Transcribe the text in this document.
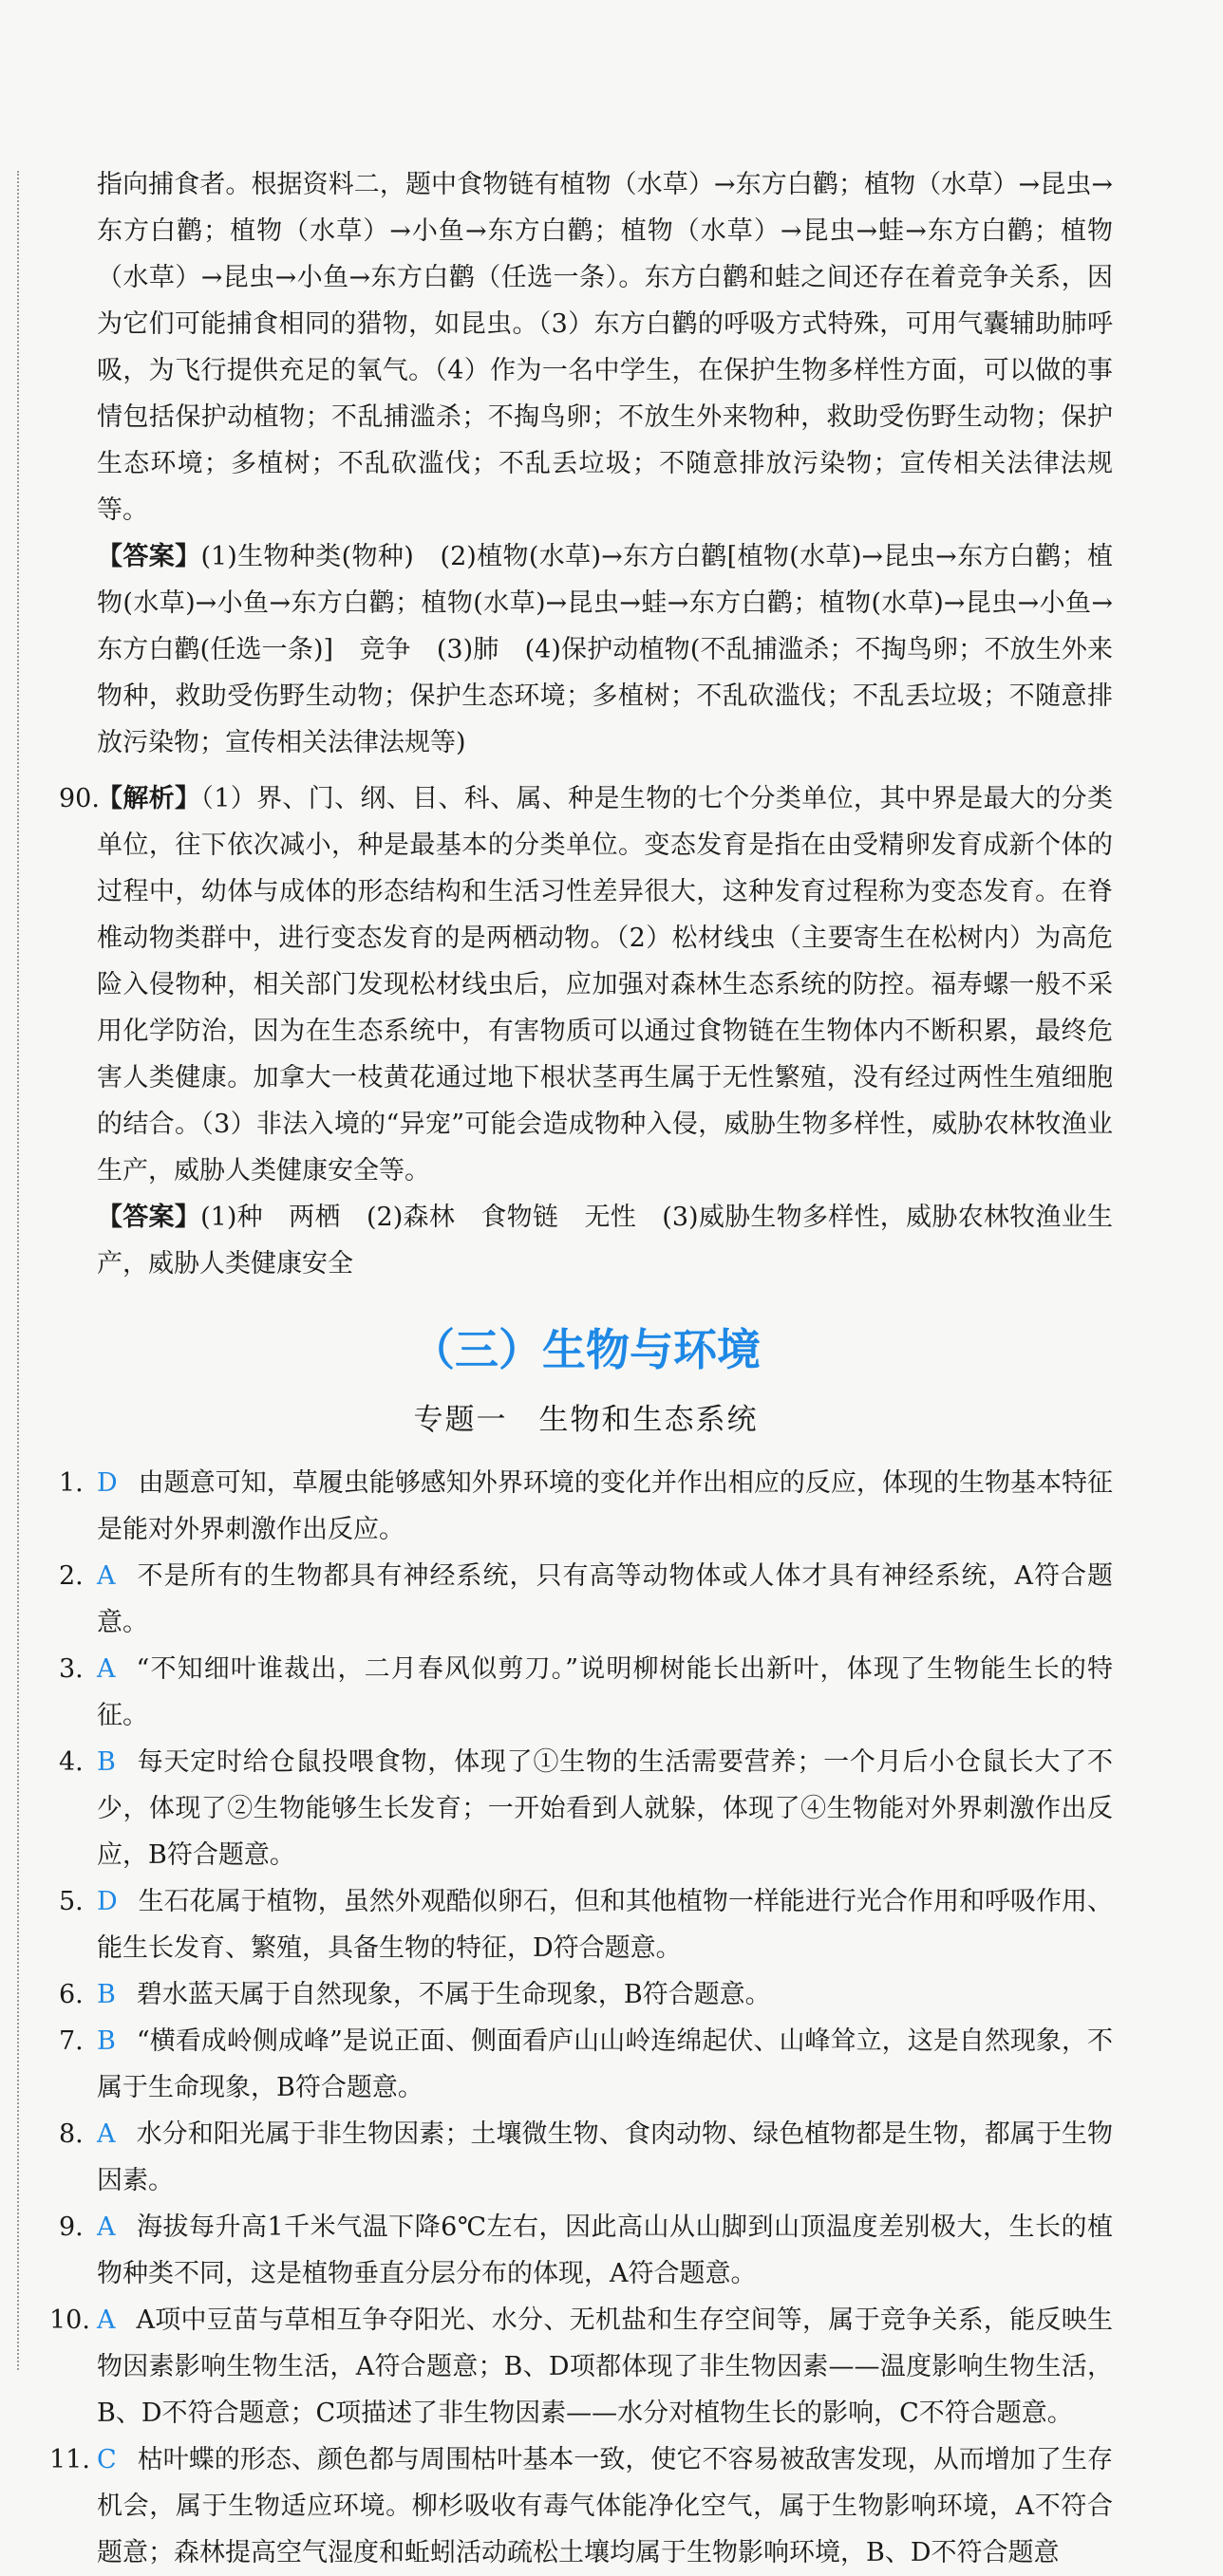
指向捕食者。根据资料二，题中食物链有植物（水草）→东方白鹳；植物（水草）→昆虫→东方白鹳；植物（水草）→小鱼→东方白鹳；植物（水草）→昆虫→蛙→东方白鹳；植物（水草）→昆虫→小鱼→东方白鹳（任选一条）。东方白鹳和蛙之间还存在着竞争关系，因为它们可能捕食相同的猎物，如昆虫。（3）东方白鹳的呼吸方式特殊，可用气囊辅助肺呼吸，为飞行提供充足的氧气。（4）作为一名中学生，在保护生物多样性方面，可以做的事情包括保护动植物；不乱捕滥杀；不掏鸟卵；不放生外来物种，救助受伤野生动物；保护生态环境；多植树；不乱砍滥伐；不乱丢垃圾；不随意排放污染物；宣传相关法律法规等。

【答案】(1)生物种类(物种)　(2)植物(水草)→东方白鹳[植物(水草)→昆虫→东方白鹳；植物(水草)→小鱼→东方白鹳；植物(水草)→昆虫→蛙→东方白鹳；植物(水草)→昆虫→小鱼→东方白鹳(任选一条)]　竞争　(3)肺　(4)保护动植物(不乱捕滥杀；不掏鸟卵；不放生外来物种，救助受伤野生动物；保护生态环境；多植树；不乱砍滥伐；不乱丢垃圾；不随意排放污染物；宣传相关法律法规等)

90.
【解析】（1）界、门、纲、目、科、属、种是生物的七个分类单位，其中界是最大的分类单位，往下依次减小，种是最基本的分类单位。变态发育是指在由受精卵发育成新个体的过程中，幼体与成体的形态结构和生活习性差异很大，这种发育过程称为变态发育。在脊椎动物类群中，进行变态发育的是两栖动物。（2）松材线虫（主要寄生在松树内）为高危险入侵物种，相关部门发现松材线虫后，应加强对森林生态系统的防控。福寿螺一般不采用化学防治，因为在生态系统中，有害物质可以通过食物链在生物体内不断积累，最终危害人类健康。加拿大一枝黄花通过地下根状茎再生属于无性繁殖，没有经过两性生殖细胞的结合。（3）非法入境的“异宠”可能会造成物种入侵，威胁生物多样性，威胁农林牧渔业生产，威胁人类健康安全等。

【答案】(1)种　两栖　(2)森林　食物链　无性　(3)威胁生物多样性，威胁农林牧渔业生产，威胁人类健康安全

（三）生物与环境
专题一　生物和生态系统
1. D 由题意可知，草履虫能够感知外界环境的变化并作出相应的反应，体现的生物基本特征是能对外界刺激作出反应。
2. A 不是所有的生物都具有神经系统，只有高等动物体或人体才具有神经系统，A符合题意。
3. A “不知细叶谁裁出，二月春风似剪刀。”说明柳树能长出新叶，体现了生物能生长的特征。
4. B 每天定时给仓鼠投喂食物，体现了①生物的生活需要营养；一个月后小仓鼠长大了不少，体现了②生物能够生长发育；一开始看到人就躲，体现了④生物能对外界刺激作出反应，B符合题意。
5. D 生石花属于植物，虽然外观酷似卵石，但和其他植物一样能进行光合作用和呼吸作用、能生长发育、繁殖，具备生物的特征，D符合题意。
6. B 碧水蓝天属于自然现象，不属于生命现象，B符合题意。
7. B “横看成岭侧成峰”是说正面、侧面看庐山山岭连绵起伏、山峰耸立，这是自然现象，不属于生命现象，B符合题意。
8. A 水分和阳光属于非生物因素；土壤微生物、食肉动物、绿色植物都是生物，都属于生物因素。
9. A 海拔每升高1千米气温下降6℃左右，因此高山从山脚到山顶温度差别极大，生长的植物种类不同，这是植物垂直分层分布的体现，A符合题意。
10. A A项中豆苗与草相互争夺阳光、水分、无机盐和生存空间等，属于竞争关系，能反映生物因素影响生物生活，A符合题意；B、D项都体现了非生物因素——温度影响生物生活，B、D不符合题意；C项描述了非生物因素——水分对植物生长的影响，C不符合题意。
11. C 枯叶蝶的形态、颜色都与周围枯叶基本一致，使它不容易被敌害发现，从而增加了生存机会，属于生物适应环境。柳杉吸收有毒气体能净化空气，属于生物影响环境，A不符合题意；森林提高空气湿度和蚯蚓活动疏松土壤均属于生物影响环境，B、D不符合题意
